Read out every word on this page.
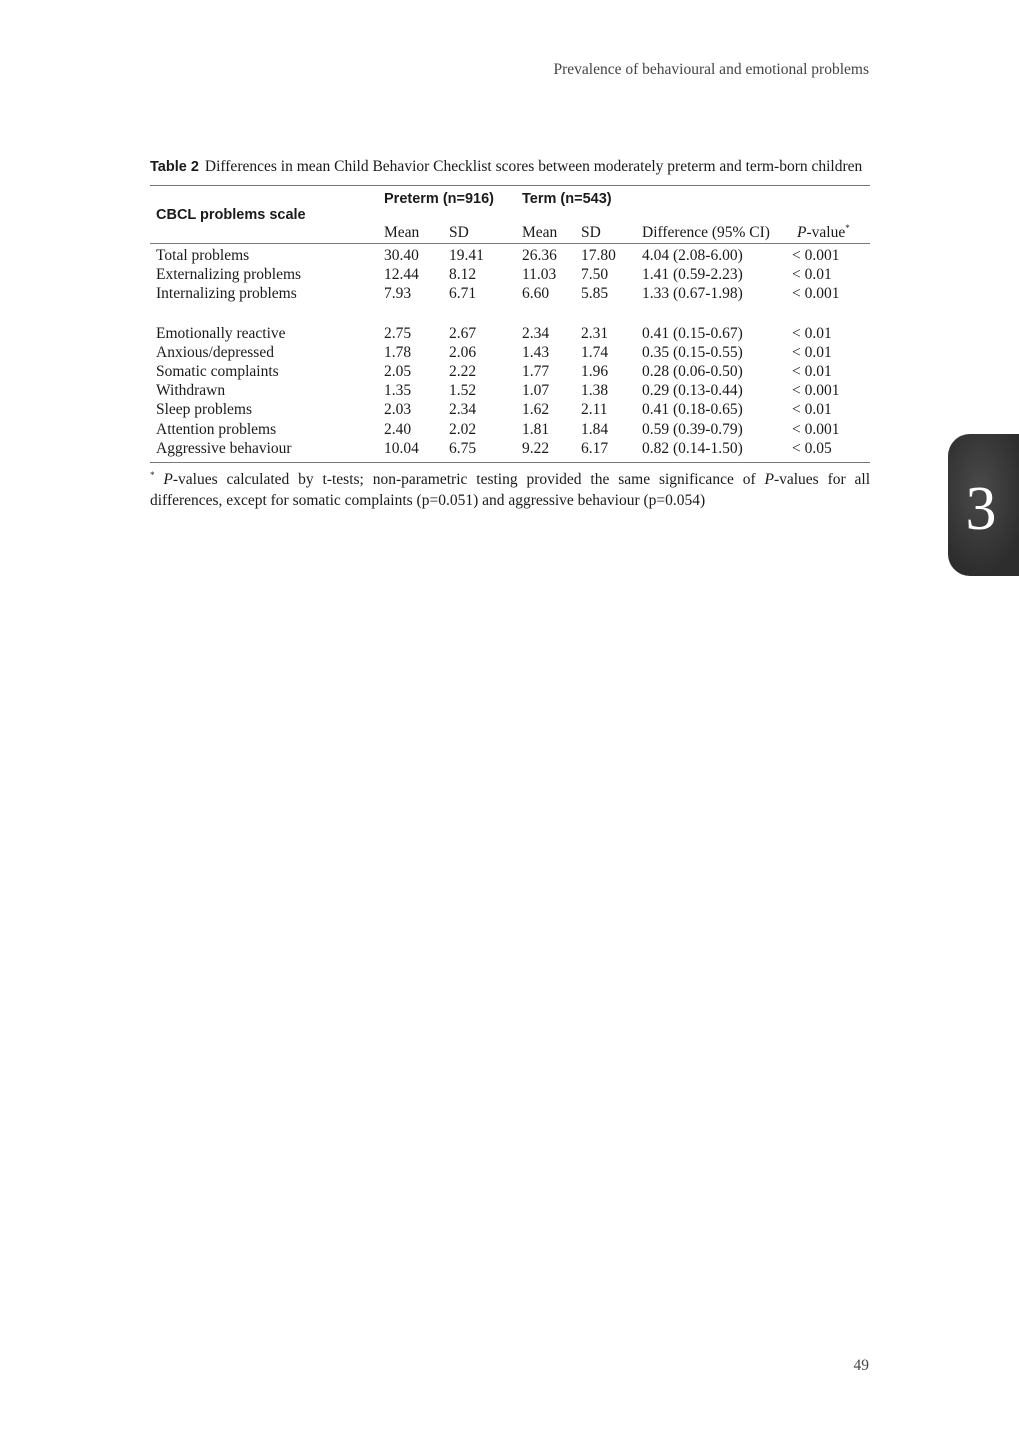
Prevalence of behavioural and emotional problems
Table 2 Differences in mean Child Behavior Checklist scores between moderately preterm and term-born children
CBCL problems scale	Preterm (n=916)		Term (n=543)			
	Mean	SD	Mean	SD	Difference (95% CI)	P-value*
Total problems	30.40	19.41	26.36	17.80	4.04 (2.08-6.00)	< 0.001
Externalizing problems	12.44	8.12	11.03	7.50	1.41 (0.59-2.23)	< 0.01
Internalizing problems	7.93	6.71	6.60	5.85	1.33 (0.67-1.98)	< 0.001

Emotionally reactive	2.75	2.67	2.34	2.31	0.41 (0.15-0.67)	< 0.01
Anxious/depressed	1.78	2.06	1.43	1.74	0.35 (0.15-0.55)	< 0.01
Somatic complaints	2.05	2.22	1.77	1.96	0.28 (0.06-0.50)	< 0.01
Withdrawn	1.35	1.52	1.07	1.38	0.29 (0.13-0.44)	< 0.001
Sleep problems	2.03	2.34	1.62	2.11	0.41 (0.18-0.65)	< 0.01
Attention problems	2.40	2.02	1.81	1.84	0.59 (0.39-0.79)	< 0.001
Aggressive behaviour	10.04	6.75	9.22	6.17	0.82 (0.14-1.50)	< 0.05
* P-values calculated by t-tests; non-parametric testing provided the same significance of P-values for all differences, except for somatic complaints (p=0.051) and aggressive behaviour (p=0.054)	3
49
